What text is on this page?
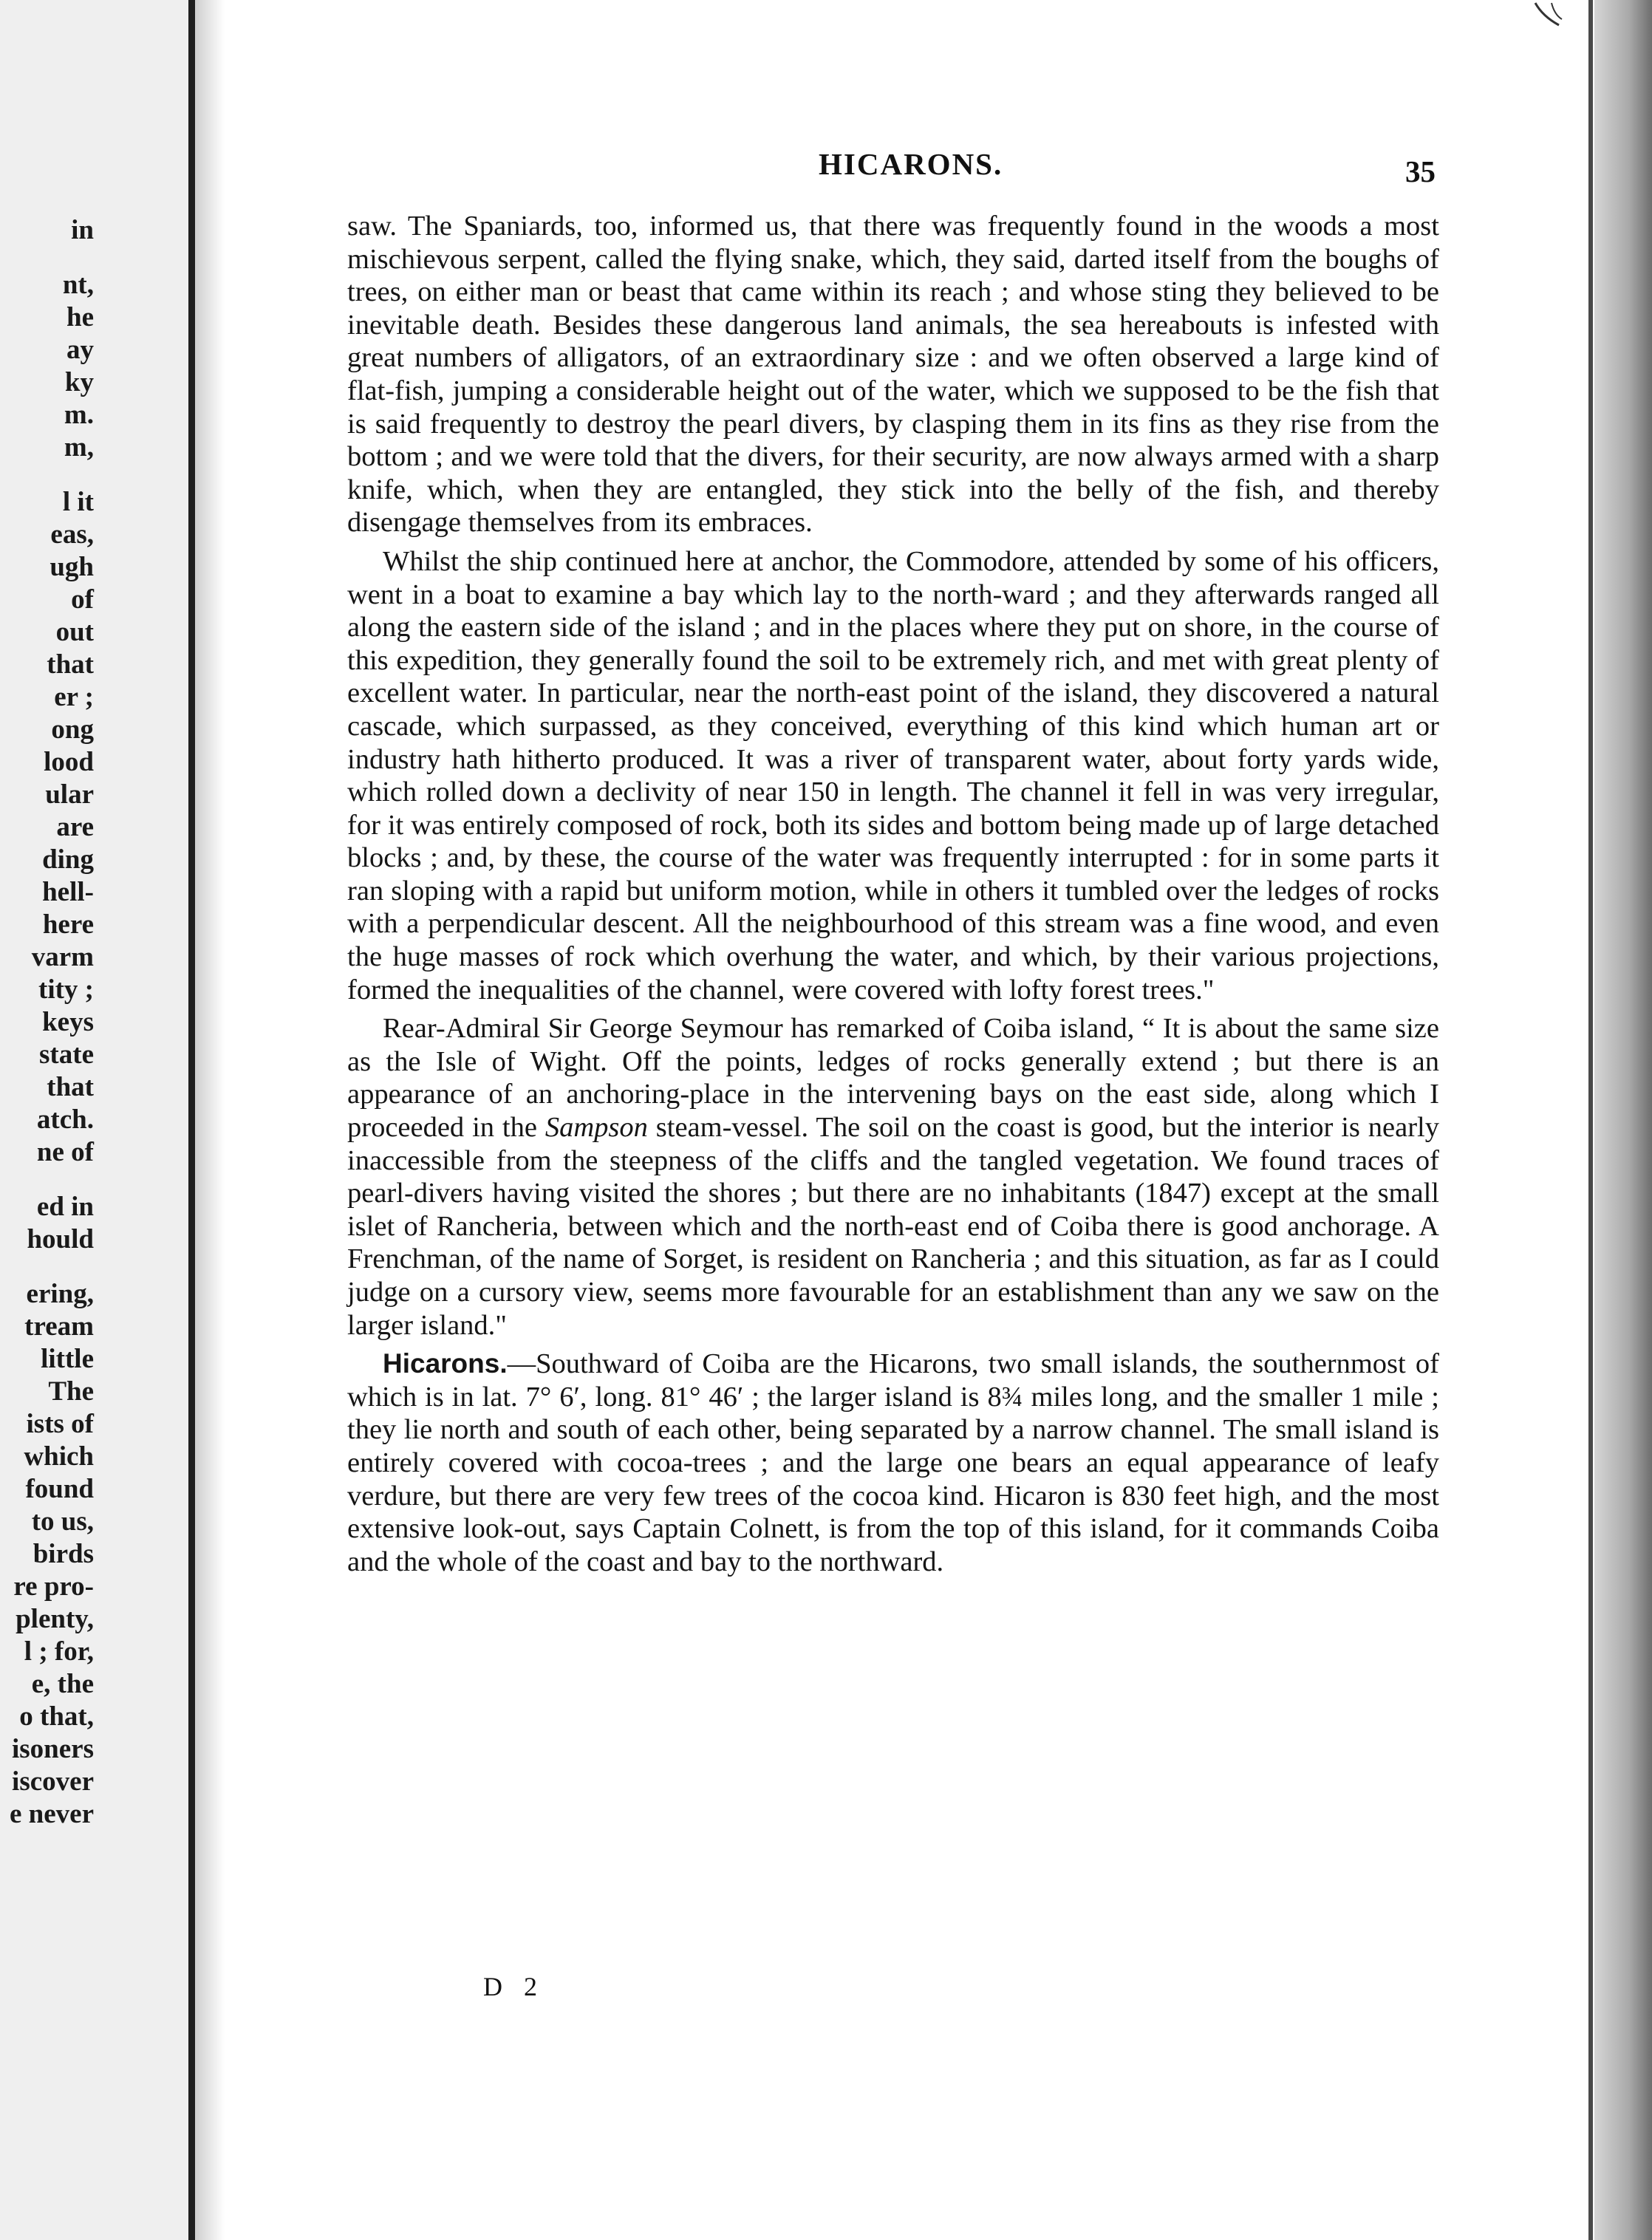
in
nt,
he
ay
ky
m.
m,
l it
eas,
ugh
of
out
that
er ;
ong
lood
ular
are
ding
hell-
here
varm
tity ;
keys
state
that
atch.
ne of
ed in
hould
ering,
tream
little
The
ists of
which
found
to us,
birds
re pro-
plenty,
l ; for,
e, the
o that,
isoners
iscover
e never
HICARONS.	35

saw. The Spaniards, too, informed us, that there was frequently found in the woods a most mischievous serpent, called the flying snake, which, they said, darted itself from the boughs of trees, on either man or beast that came within its reach ; and whose sting they believed to be inevitable death. Besides these dangerous land animals, the sea hereabouts is infested with great numbers of alligators, of an extraordinary size : and we often observed a large kind of flat-fish, jumping a considerable height out of the water, which we supposed to be the fish that is said frequently to destroy the pearl divers, by clasping them in its fins as they rise from the bottom ; and we were told that the divers, for their security, are now always armed with a sharp knife, which, when they are entangled, they stick into the belly of the fish, and thereby disengage themselves from its embraces.

Whilst the ship continued here at anchor, the Commodore, attended by some of his officers, went in a boat to examine a bay which lay to the north-ward ; and they afterwards ranged all along the eastern side of the island ; and in the places where they put on shore, in the course of this expedition, they generally found the soil to be extremely rich, and met with great plenty of excellent water. In particular, near the north-east point of the island, they discovered a natural cascade, which surpassed, as they conceived, everything of this kind which human art or industry hath hitherto produced. It was a river of transparent water, about forty yards wide, which rolled down a declivity of near 150 in length. The channel it fell in was very irregular, for it was entirely composed of rock, both its sides and bottom being made up of large detached blocks ; and, by these, the course of the water was frequently interrupted : for in some parts it ran sloping with a rapid but uniform motion, while in others it tumbled over the ledges of rocks with a perpendicular descent. All the neighbourhood of this stream was a fine wood, and even the huge masses of rock which overhung the water, and which, by their various projections, formed the inequalities of the channel, were covered with lofty forest trees."

Rear-Admiral Sir George Seymour has remarked of Coiba island, “ It is about the same size as the Isle of Wight. Off the points, ledges of rocks generally extend ; but there is an appearance of an anchoring-place in the intervening bays on the east side, along which I proceeded in the Sampson steam-vessel. The soil on the coast is good, but the interior is nearly inaccessible from the steepness of the cliffs and the tangled vegetation. We found traces of pearl-divers having visited the shores ; but there are no inhabitants (1847) except at the small islet of Rancheria, between which and the north-east end of Coiba there is good anchorage. A Frenchman, of the name of Sorget, is resident on Rancheria ; and this situation, as far as I could judge on a cursory view, seems more favourable for an establishment than any we saw on the larger island."

Hicarons.—Southward of Coiba are the Hicarons, two small islands, the southernmost of which is in lat. 7° 6′, long. 81° 46′ ; the larger island is 8¾ miles long, and the smaller 1 mile ; they lie north and south of each other, being separated by a narrow channel. The small island is entirely covered with cocoa-trees ; and the large one bears an equal appearance of leafy verdure, but there are very few trees of the cocoa kind. Hicaron is 830 feet high, and the most extensive look-out, says Captain Colnett, is from the top of this island, for it commands Coiba and the whole of the coast and bay to the northward.

D 2
